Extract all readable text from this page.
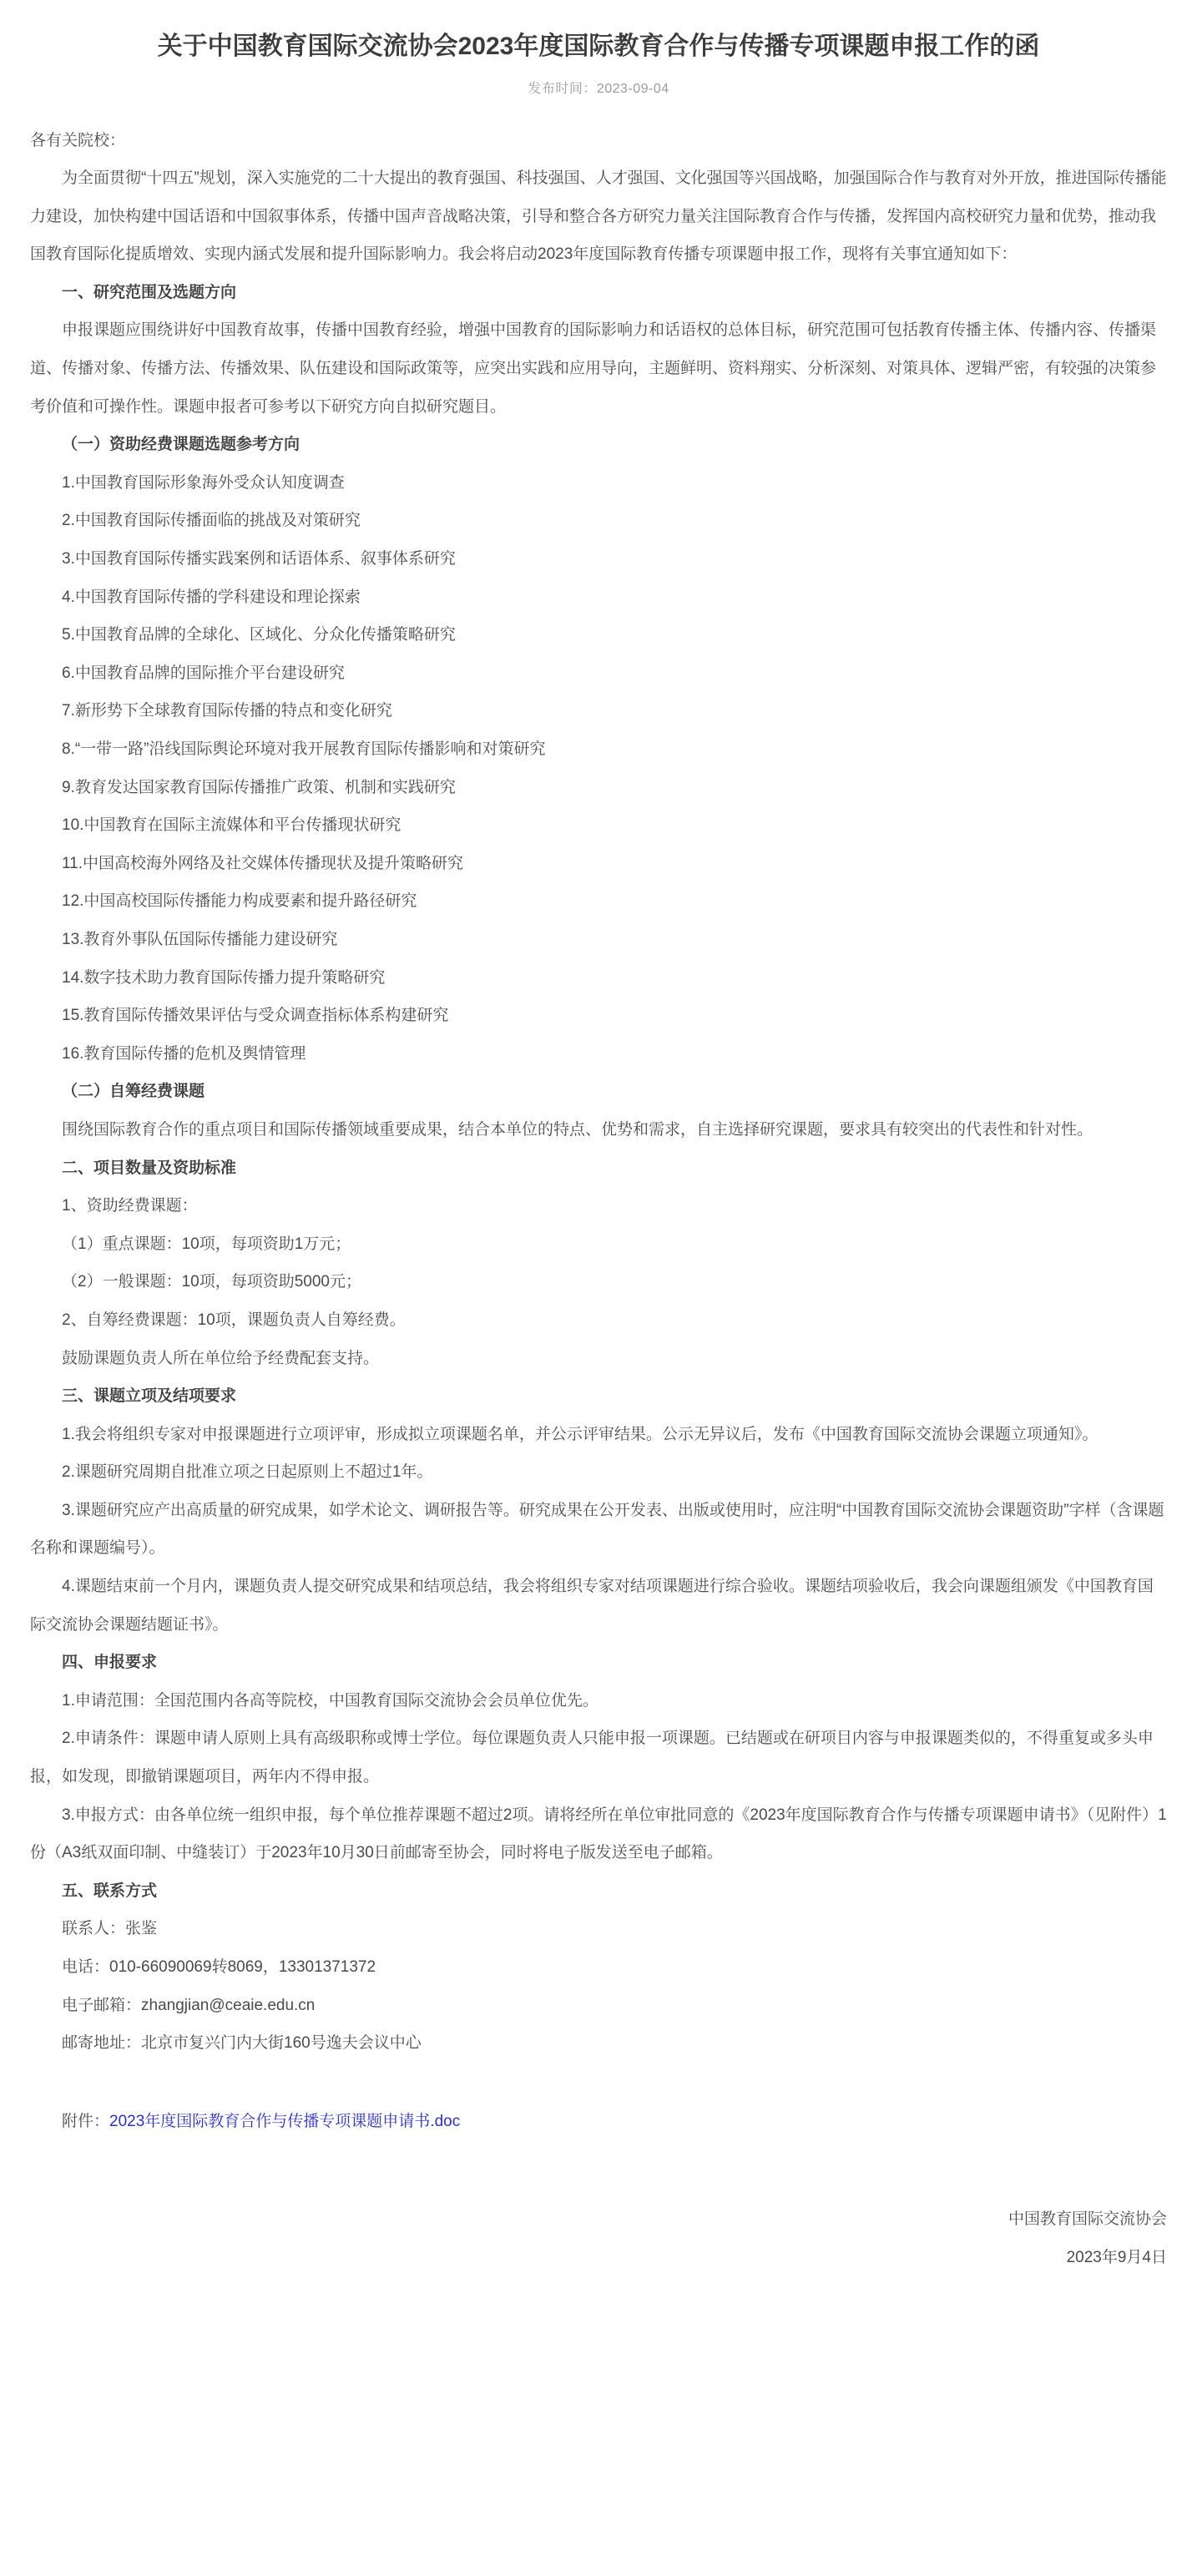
关于中国教育国际交流协会2023年度国际教育合作与传播专项课题申报工作的函
发布时间：2023-09-04

各有关院校：

为全面贯彻“十四五”规划，深入实施党的二十大提出的教育强国、科技强国、人才强国、文化强国等兴国战略，加强国际合作与教育对外开放，推进国际传播能力建设，加快构建中国话语和中国叙事体系，传播中国声音战略决策，引导和整合各方研究力量关注国际教育合作与传播，发挥国内高校研究力量和优势，推动我国教育国际化提质增效、实现内涵式发展和提升国际影响力。我会将启动2023年度国际教育传播专项课题申报工作，现将有关事宜通知如下：

一、研究范围及选题方向

申报课题应围绕讲好中国教育故事，传播中国教育经验，增强中国教育的国际影响力和话语权的总体目标，研究范围可包括教育传播主体、传播内容、传播渠道、传播对象、传播方法、传播效果、队伍建设和国际政策等，应突出实践和应用导向，主题鲜明、资料翔实、分析深刻、对策具体、逻辑严密，有较强的决策参考价值和可操作性。课题申报者可参考以下研究方向自拟研究题目。

（一）资助经费课题选题参考方向

1.中国教育国际形象海外受众认知度调查

2.中国教育国际传播面临的挑战及对策研究

3.中国教育国际传播实践案例和话语体系、叙事体系研究

4.中国教育国际传播的学科建设和理论探索

5.中国教育品牌的全球化、区域化、分众化传播策略研究

6.中国教育品牌的国际推介平台建设研究

7.新形势下全球教育国际传播的特点和变化研究

8.“一带一路”沿线国际舆论环境对我开展教育国际传播影响和对策研究

9.教育发达国家教育国际传播推广政策、机制和实践研究

10.中国教育在国际主流媒体和平台传播现状研究

11.中国高校海外网络及社交媒体传播现状及提升策略研究

12.中国高校国际传播能力构成要素和提升路径研究

13.教育外事队伍国际传播能力建设研究

14.数字技术助力教育国际传播力提升策略研究

15.教育国际传播效果评估与受众调查指标体系构建研究

16.教育国际传播的危机及舆情管理

（二）自筹经费课题

围绕国际教育合作的重点项目和国际传播领域重要成果，结合本单位的特点、优势和需求，自主选择研究课题，要求具有较突出的代表性和针对性。

二、项目数量及资助标准

1、资助经费课题：

（1）重点课题：10项，每项资助1万元；

（2）一般课题：10项，每项资助5000元；

2、自筹经费课题：10项，课题负责人自筹经费。

鼓励课题负责人所在单位给予经费配套支持。

三、课题立项及结项要求

1.我会将组织专家对申报课题进行立项评审，形成拟立项课题名单，并公示评审结果。公示无异议后，发布《中国教育国际交流协会课题立项通知》。

2.课题研究周期自批准立项之日起原则上不超过1年。

3.课题研究应产出高质量的研究成果，如学术论文、调研报告等。研究成果在公开发表、出版或使用时，应注明“中国教育国际交流协会课题资助”字样（含课题名称和课题编号）。

4.课题结束前一个月内，课题负责人提交研究成果和结项总结，我会将组织专家对结项课题进行综合验收。课题结项验收后，我会向课题组颁发《中国教育国际交流协会课题结题证书》。

四、申报要求

1.申请范围：全国范围内各高等院校，中国教育国际交流协会会员单位优先。

2.申请条件：课题申请人原则上具有高级职称或博士学位。每位课题负责人只能申报一项课题。已结题或在研项目内容与申报课题类似的，不得重复或多头申报，如发现，即撤销课题项目，两年内不得申报。

3.申报方式：由各单位统一组织申报，每个单位推荐课题不超过2项。请将经所在单位审批同意的《2023年度国际教育合作与传播专项课题申请书》（见附件）1份（A3纸双面印制、中缝装订）于2023年10月30日前邮寄至协会，同时将电子版发送至电子邮箱。

五、联系方式

联系人：张鉴

电话：010-66090069转8069，13301371372

电子邮箱：zhangjian@ceaie.edu.cn

邮寄地址：北京市复兴门内大街160号逸夫会议中心

附件：2023年度国际教育合作与传播专项课题申请书.doc

中国教育国际交流协会

2023年9月4日
